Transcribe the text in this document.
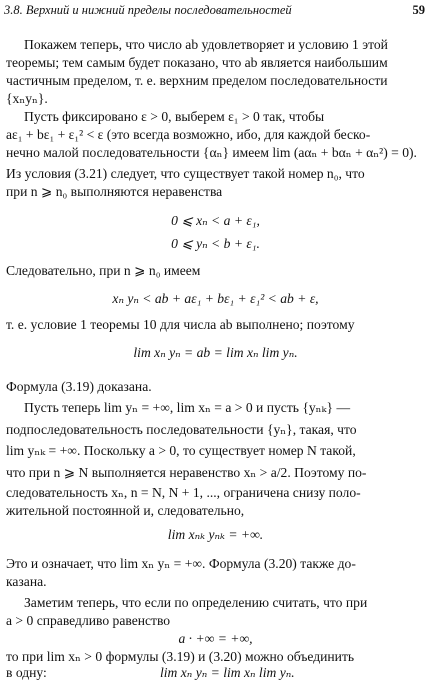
3.8. Верхний и нижний пределы последовательностей	59
Покажем теперь, что число ab удовлетворяет и условию 1 этой
теоремы; тем самым будет показано, что ab является наибольшим
частичным пределом, т. е. верхним пределом последовательности
{xₙyₙ}.
Пусть фиксировано ε > 0, выберем ε₁ > 0 так, чтобы
aε₁ + bε₁ + ε₁² < ε (это всегда возможно, ибо, для каждой беско-
нечно малой последовательности {αₙ} имеем lim (aαₙ + bαₙ + αₙ²) = 0).
Из условия (3.21) следует, что существует такой номер n₀, что
при n ⩾ n₀ выполняются неравенства
0 ⩽ xₙ < a + ε₁,
0 ⩽ yₙ < b + ε₁.
Следовательно, при n ⩾ n₀ имеем
xₙ yₙ < ab + aε₁ + bε₁ + ε₁² < ab + ε,
т. е. условие 1 теоремы 10 для числа ab выполнено; поэтому
lim xₙ yₙ = ab = lim xₙ lim yₙ.
Формула (3.19) доказана.
Пусть теперь lim yₙ = +∞, lim xₙ = a > 0 и пусть {yₙₖ} —
подпоследовательность последовательности {yₙ}, такая, что
lim yₙₖ = +∞. Поскольку a > 0, то существует номер N такой,
что при n ⩾ N выполняется неравенство xₙ > a/2. Поэтому по-
следовательность xₙ, n = N, N + 1, ..., ограничена снизу поло-
жительной постоянной и, следовательно,
lim xₙₖ yₙₖ = +∞.
Это и означает, что lim xₙ yₙ = +∞. Формула (3.20) также до-
казана.
Заметим теперь, что если по определению считать, что при
a > 0 справедливо равенство
a · +∞ = +∞,
то при lim xₙ > 0 формулы (3.19) и (3.20) можно объединить
в одну:	lim xₙ yₙ = lim xₙ lim yₙ.
